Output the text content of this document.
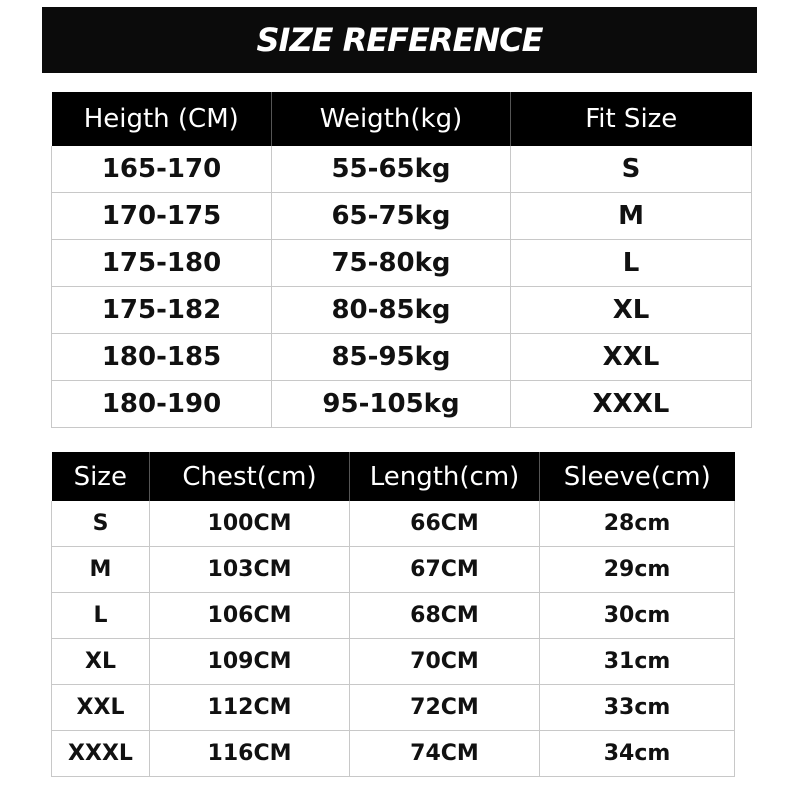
SIZE REFERENCE
Heigth (CM)	Weigth(kg)	Fit Size
165-170	55-65kg	S
170-175	65-75kg	M
175-180	75-80kg	L
175-182	80-85kg	XL
180-185	85-95kg	XXL
180-190	95-105kg	XXXL
Size	Chest(cm)	Length(cm)	Sleeve(cm)
S	100CM	66CM	28cm
M	103CM	67CM	29cm
L	106CM	68CM	30cm
XL	109CM	70CM	31cm
XXL	112CM	72CM	33cm
XXXL	116CM	74CM	34cm
